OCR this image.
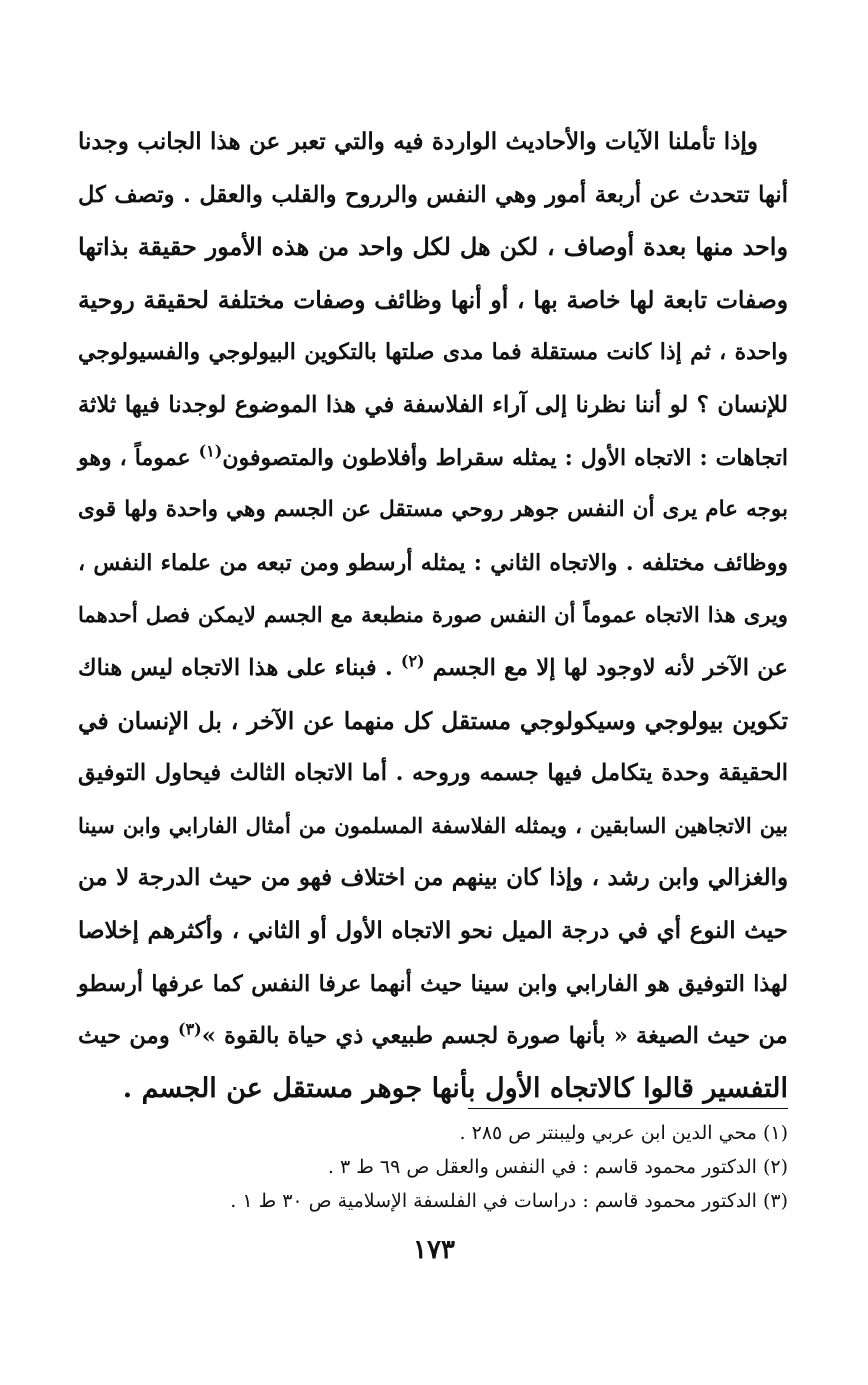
وإذا تأملنا الآيات والأحاديث الواردة فيه والتي تعبر عن هذا الجانب وجدنا
أنها تتحدث عن أربعة أمور وهي النفس والرروح والقلب والعقل . وتصف كل
واحد منها بعدة أوصاف ، لكن هل لكل واحد من هذه الأمور حقيقة بذاتها
وصفات تابعة لها خاصة بها ، أو أنها وظائف وصفات مختلفة لحقيقة روحية
واحدة ، ثم إذا كانت مستقلة فما مدى صلتها بالتكوين البيولوجي والفسيولوجي
للإنسان ؟ لو أننا نظرنا إلى آراء الفلاسفة في هذا الموضوع لوجدنا فيها ثلاثة
اتجاهات : الاتجاه الأول : يمثله سقراط وأفلاطون والمتصوفون$^{(١)}$ عموماً ، وهو
بوجه عام يرى أن النفس جوهر روحي مستقل عن الجسم وهي واحدة ولها قوى
ووظائف مختلفه . والاتجاه الثاني : يمثله أرسطو ومن تبعه من علماء النفس ،
ويرى هذا الاتجاه عموماً أن النفس صورة منطبعة مع الجسم لايمكن فصل أحدهما
عن الآخر لأنه لاوجود لها إلا مع الجسم $^{(٢)}$ . فبناء على هذا الاتجاه ليس هناك
تكوين بيولوجي وسيكولوجي مستقل كل منهما عن الآخر ، بل الإنسان في
الحقيقة وحدة يتكامل فيها جسمه وروحه . أما الاتجاه الثالث فيحاول التوفيق
بين الاتجاهين السابقين ، ويمثله الفلاسفة المسلمون من أمثال الفارابي وابن سينا
والغزالي وابن رشد ، وإذا كان بينهم من اختلاف فهو من حيث الدرجة لا من
حيث النوع أي في درجة الميل نحو الاتجاه الأول أو الثاني ، وأكثرهم إخلاصا
لهذا التوفيق هو الفارابي وابن سينا حيث أنهما عرفا النفس كما عرفها أرسطو
من حيث الصيغة « بأنها صورة لجسم طبيعي ذي حياة بالقوة »$^{(٣)}$ ومن حيث
التفسير قالوا كالاتجاه الأول بأنها جوهر مستقل عن الجسم .
(١) محي الدين ابن عربي وليبنتر ص ٢٨٥ .
(٢) الدكتور محمود قاسم : في النفس والعقل ص ٦٩ ط ٣ .
(٣) الدكتور محمود قاسم : دراسات في الفلسفة الإسلامية ص ٣٠ ط ١ .
١٧٣
